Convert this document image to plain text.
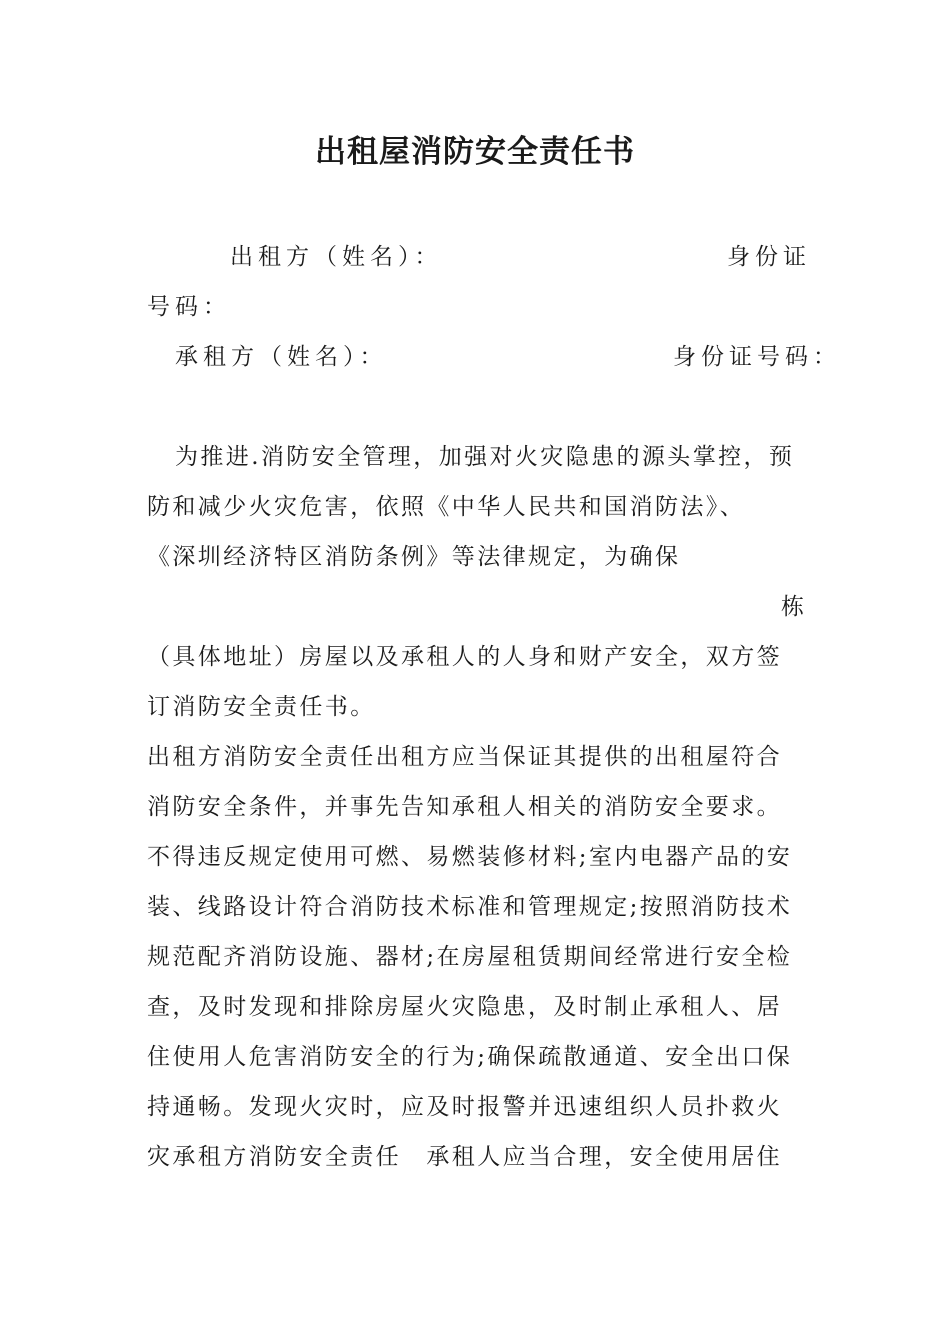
出租屋消防安全责任书
出租方（姓名）：	身份证
号码：
承租方（姓名）：	身份证号码：
为推进.消防安全管理，加强对火灾隐患的源头掌控，预
防和减少火灾危害，依照《中华人民共和国消防法》、
《深圳经济特区消防条例》等法律规定，为确保
栋
（具体地址）房屋以及承租人的人身和财产安全，双方签
订消防安全责任书。
出租方消防安全责任出租方应当保证其提供的出租屋符合
消防安全条件，并事先告知承租人相关的消防安全要求。
不得违反规定使用可燃、易燃装修材料;室内电器产品的安
装、线路设计符合消防技术标准和管理规定;按照消防技术
规范配齐消防设施、器材;在房屋租赁期间经常进行安全检
查，及时发现和排除房屋火灾隐患，及时制止承租人、居
住使用人危害消防安全的行为;确保疏散通道、安全出口保
持通畅。发现火灾时，应及时报警并迅速组织人员扑救火
灾承租方消防安全责任　承租人应当合理，安全使用居住
